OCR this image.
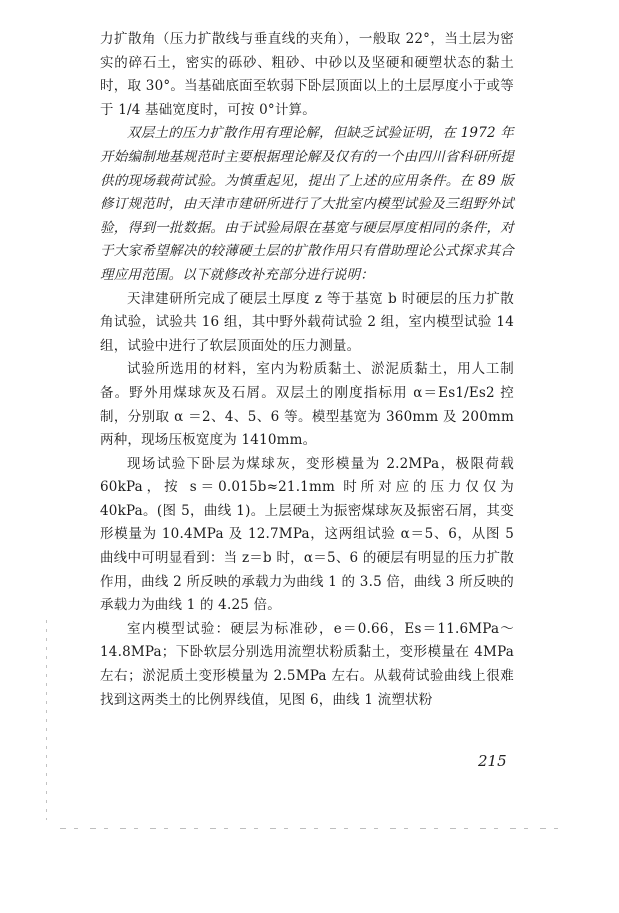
力扩散角（压力扩散线与垂直线的夹角），一般取 22°，当土层为密实的碎石土，密实的砾砂、粗砂、中砂以及坚硬和硬塑状态的黏土时，取 30°。当基础底面至软弱下卧层顶面以上的土层厚度小于或等于 1/4 基础宽度时，可按 0°计算。

双层土的压力扩散作用有理论解，但缺乏试验证明，在 1972 年开始编制地基规范时主要根据理论解及仅有的一个由四川省科研所提供的现场载荷试验。为慎重起见，提出了上述的应用条件。在 89 版修订规范时，由天津市建研所进行了大批室内模型试验及三组野外试验，得到一批数据。由于试验局限在基宽与硬层厚度相同的条件，对于大家希望解决的较薄硬土层的扩散作用只有借助理论公式探求其合理应用范围。以下就修改补充部分进行说明：

天津建研所完成了硬层土厚度 z 等于基宽 b 时硬层的压力扩散角试验，试验共 16 组，其中野外载荷试验 2 组，室内模型试验 14 组，试验中进行了软层顶面处的压力测量。

试验所选用的材料，室内为粉质黏土、淤泥质黏土，用人工制备。野外用煤球灰及石屑。双层土的刚度指标用 α＝Es1/Es2 控制，分别取 α ＝2、4、5、6 等。模型基宽为 360mm 及 200mm 两种，现场压板宽度为 1410mm。

现场试验下卧层为煤球灰，变形模量为 2.2MPa，极限荷载 60kPa，按 s＝0.015b≈21.1mm 时所对应的压力仅仅为 40kPa。(图 5，曲线 1)。上层硬土为振密煤球灰及振密石屑，其变形模量为 10.4MPa 及 12.7MPa，这两组试验 α＝5、6，从图 5 曲线中可明显看到：当 z＝b 时，α＝5、6 的硬层有明显的压力扩散作用，曲线 2 所反映的承载力为曲线 1 的 3.5 倍，曲线 3 所反映的承载力为曲线 1 的 4.25 倍。

室内模型试验：硬层为标准砂，e＝0.66，Es＝11.6MPa～14.8MPa；下卧软层分别选用流塑状粉质黏土，变形模量在 4MPa 左右；淤泥质土变形模量为 2.5MPa 左右。从载荷试验曲线上很难找到这两类土的比例界线值，见图 6，曲线 1 流塑状粉

215
